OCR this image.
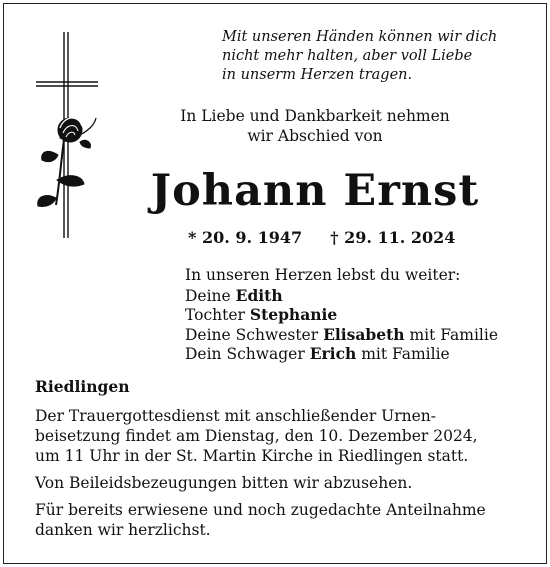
Mit unseren Händen können wir dich
nicht mehr halten, aber voll Liebe
in unserm Herzen tragen.
In Liebe und Dankbarkeit nehmen
wir Abschied von
Johann Ernst
* 20. 9. 1947 † 29. 11. 2024
In unseren Herzen lebst du weiter:
Deine Edith
Tochter Stephanie
Deine Schwester Elisabeth mit Familie
Dein Schwager Erich mit Familie
Riedlingen
Der Trauergottesdienst mit anschließender Urnen-
beisetzung findet am Dienstag, den 10. Dezember 2024,
um 11 Uhr in der St. Martin Kirche in Riedlingen statt.
Von Beileidsbezeugungen bitten wir abzusehen.
Für bereits erwiesene und noch zugedachte Anteilnahme
danken wir herzlichst.
